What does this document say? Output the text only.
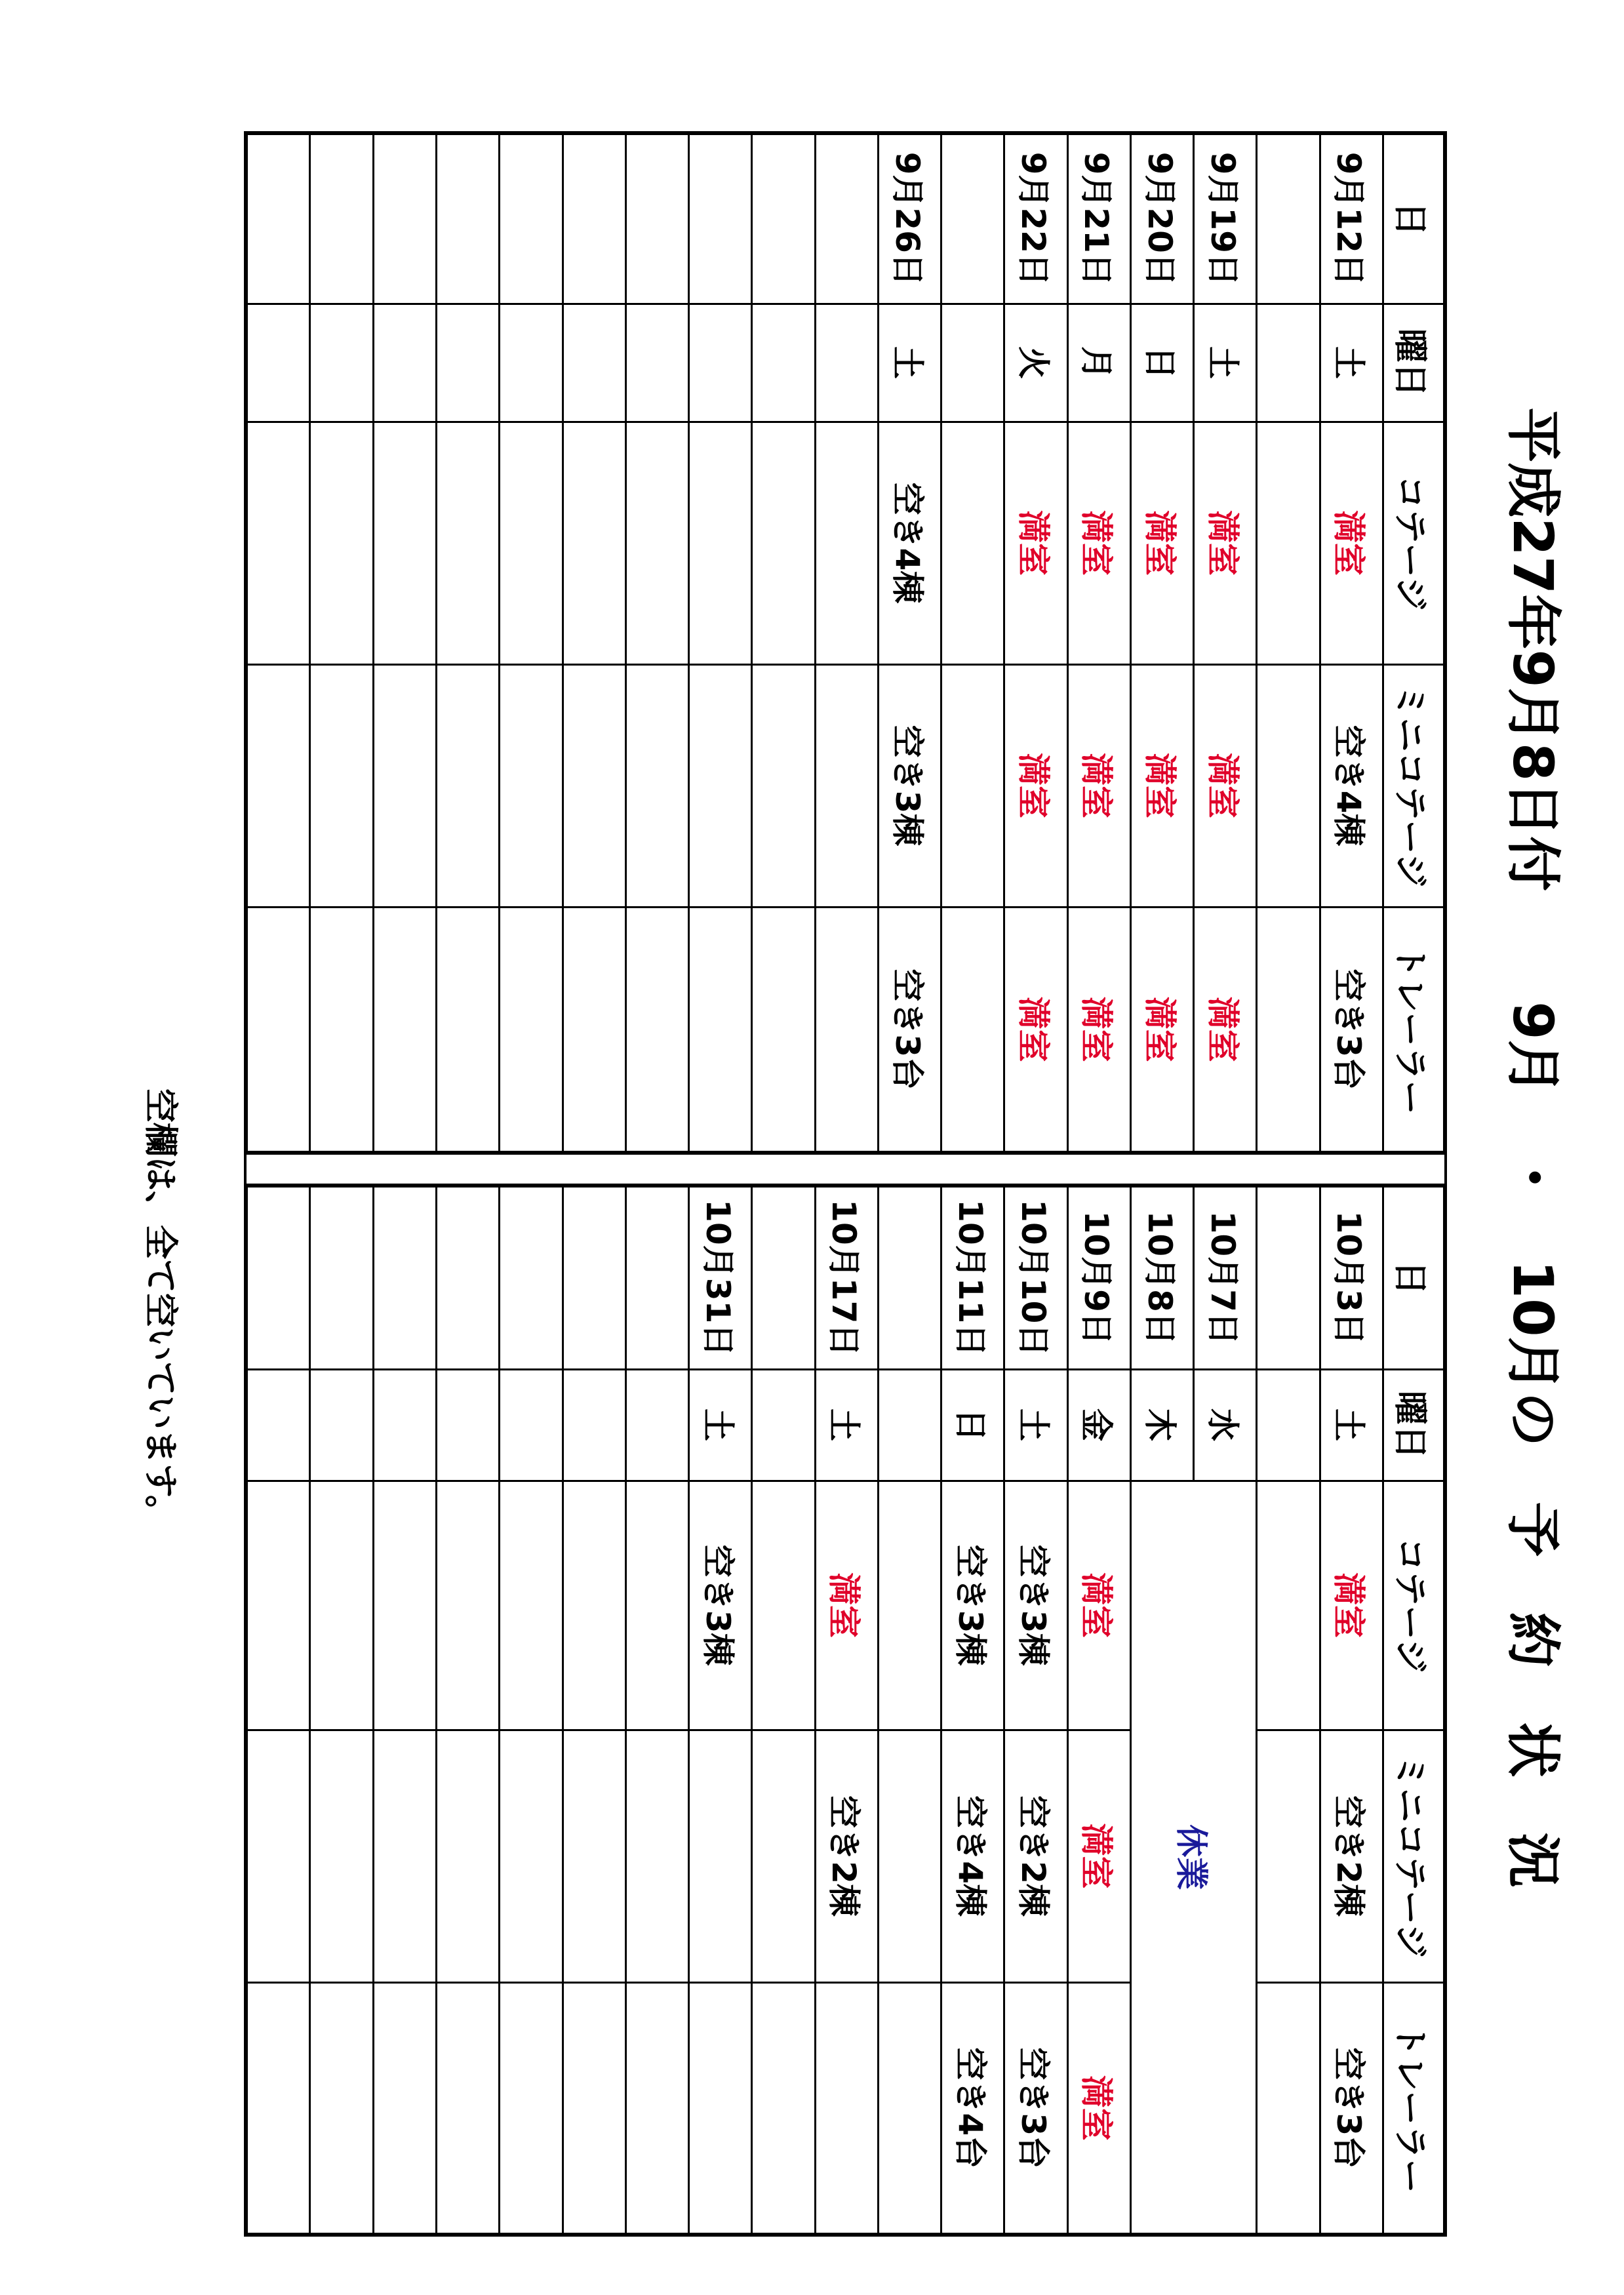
平成27年9月8日付　　9月　・　10月の　予　約　状　況
日	曜日	コテージ	ミニコテージ	トレーラー
9月12日	土	満室	空き4棟	空き3台

9月19日	土	満室	満室	満室
9月20日	日	満室	満室	満室
9月21日	月	満室	満室	満室
9月22日	火	満室	満室	満室

9月26日	土	空き4棟	空き3棟	空き3台

日	曜日	コテージ	ミニコテージ	トレーラー
10月3日	土	満室	空き2棟	空き3台

10月7日	水	休業		
10月8日	木			
10月9日	金	満室	満室	満室
10月10日	土	空き3棟	空き2棟	空き3台
10月11日	日	空き3棟	空き4棟	空き4台

10月17日	土	満室	空き2棟	

10月31日	土	空き3棟		

空欄は、全て空いています。
